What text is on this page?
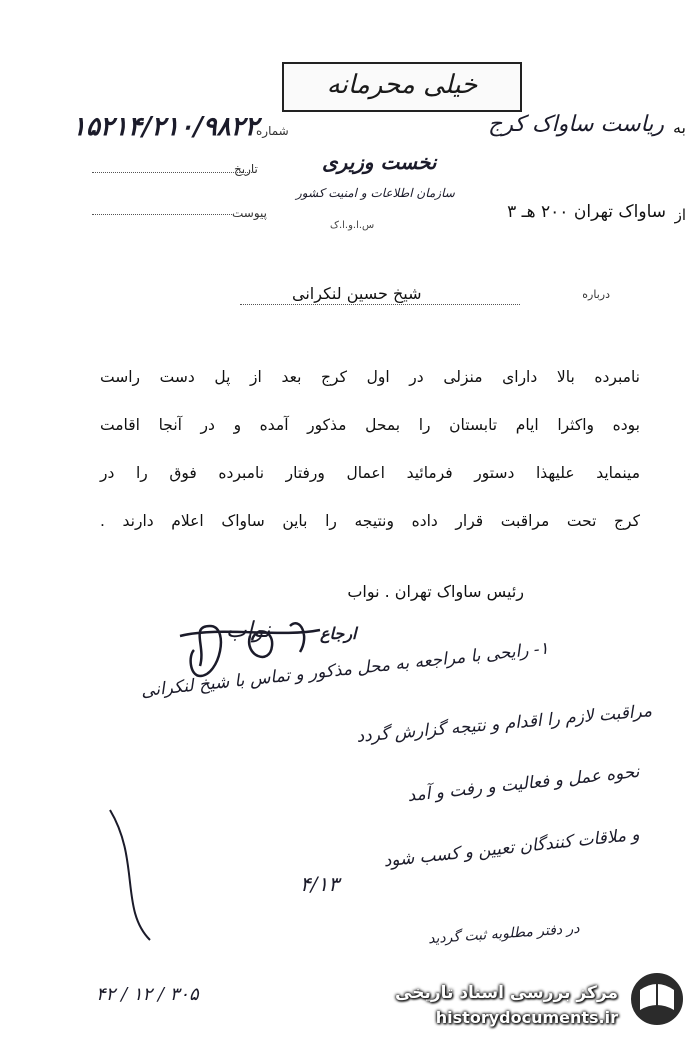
خیلی محرمانه
به
ریاست ساواک کرج
شماره
۱۵۲۱۴/۲۱۰/۹۸۲۲
تاریخ
پیوست
نخست وزیری
سازمان اطلاعات و امنیت کشور
س.ا.و.ا.ک
از
ساواک تهران ۲۰۰ هـ ۳
درباره
شیخ حسین لنکرانی
نامبرده بالا دارای منزلی در اول کرج بعد از پل دست راست
بوده واکثرا ایام تابستان را بمحل مذکور آمده و در آنجا اقامت
مینماید علیهذا دستور فرمائید اعمال ورفتار نامبرده فوق را در
کرج تحت مراقبت قرار داده ونتیجه را باین ساواک اعلام دارند .
رئیس ساواک تهران . نواب
نواب	ارجاع
۱- رایحی با مراجعه به محل مذکور و تماس با شیخ لنکرانی
مراقبت لازم را اقدام و نتیجه گزارش گردد
نحوه عمل و فعالیت و رفت و آمد
و ملاقات کنندگان تعیین و کسب شود
۴/۱۳
در دفتر مطلوبه ثبت گردید
۳۰۵ / ۱۲ / ۴۲	مرکز بررسی اسناد تاریخی
historydocuments.ir
